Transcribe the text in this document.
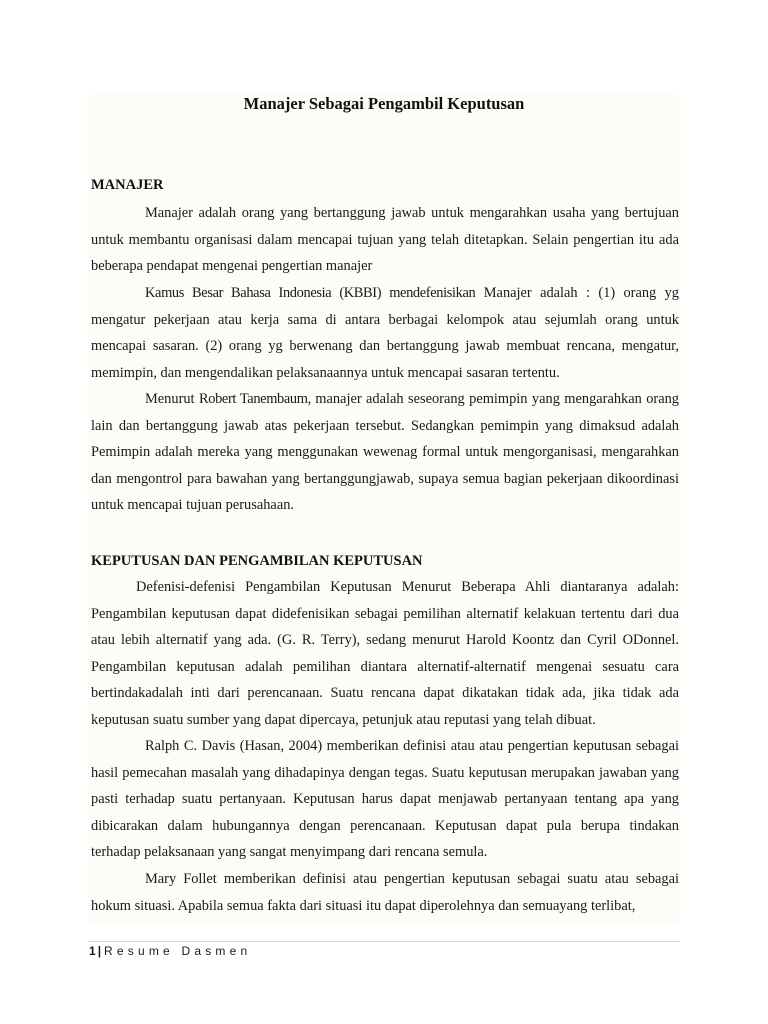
Manajer Sebagai Pengambil Keputusan
MANAJER

Manajer adalah orang yang bertanggung jawab untuk mengarahkan usaha yang bertujuan untuk membantu organisasi dalam mencapai tujuan yang telah ditetapkan. Selain pengertian itu ada beberapa pendapat mengenai pengertian manajer

Kamus Besar Bahasa Indonesia (KBBI) mendefenisikan Manajer adalah : (1) orang yg mengatur pekerjaan atau kerja sama di antara berbagai kelompok atau sejumlah orang untuk mencapai sasaran. (2) orang yg berwenang dan bertanggung jawab membuat rencana, mengatur, memimpin, dan mengendalikan pelaksanaannya untuk mencapai sasaran tertentu.

Menurut Robert Tanembaum, manajer adalah seseorang pemimpin yang mengarahkan orang lain dan bertanggung jawab atas pekerjaan tersebut. Sedangkan pemimpin yang dimaksud adalah Pemimpin adalah mereka yang menggunakan wewenag formal untuk mengorganisasi, mengarahkan dan mengontrol para bawahan yang bertanggungjawab, supaya semua bagian pekerjaan dikoordinasi untuk mencapai tujuan perusahaan.

KEPUTUSAN DAN PENGAMBILAN KEPUTUSAN

Defenisi-defenisi Pengambilan Keputusan Menurut Beberapa Ahli diantaranya adalah: Pengambilan keputusan dapat didefenisikan sebagai pemilihan alternatif kelakuan tertentu dari dua atau lebih alternatif yang ada. (G. R. Terry), sedang menurut Harold Koontz dan Cyril ODonnel. Pengambilan keputusan adalah pemilihan diantara alternatif-alternatif mengenai sesuatu cara bertindakadalah inti dari perencanaan. Suatu rencana dapat dikatakan tidak ada, jika tidak ada keputusan suatu sumber yang dapat dipercaya, petunjuk atau reputasi yang telah dibuat.

Ralph C. Davis (Hasan, 2004) memberikan definisi atau atau pengertian keputusan sebagai hasil pemecahan masalah yang dihadapinya dengan tegas. Suatu keputusan merupakan jawaban yang pasti terhadap suatu pertanyaan. Keputusan harus dapat menjawab pertanyaan tentang apa yang dibicarakan dalam hubungannya dengan perencanaan. Keputusan dapat pula berupa tindakan terhadap pelaksanaan yang sangat menyimpang dari rencana semula.

Mary Follet memberikan definisi atau pengertian keputusan sebagai suatu atau sebagai hokum situasi. Apabila semua fakta dari situasi itu dapat diperolehnya dan semuayang terlibat,

1 | Resume Dasmen
